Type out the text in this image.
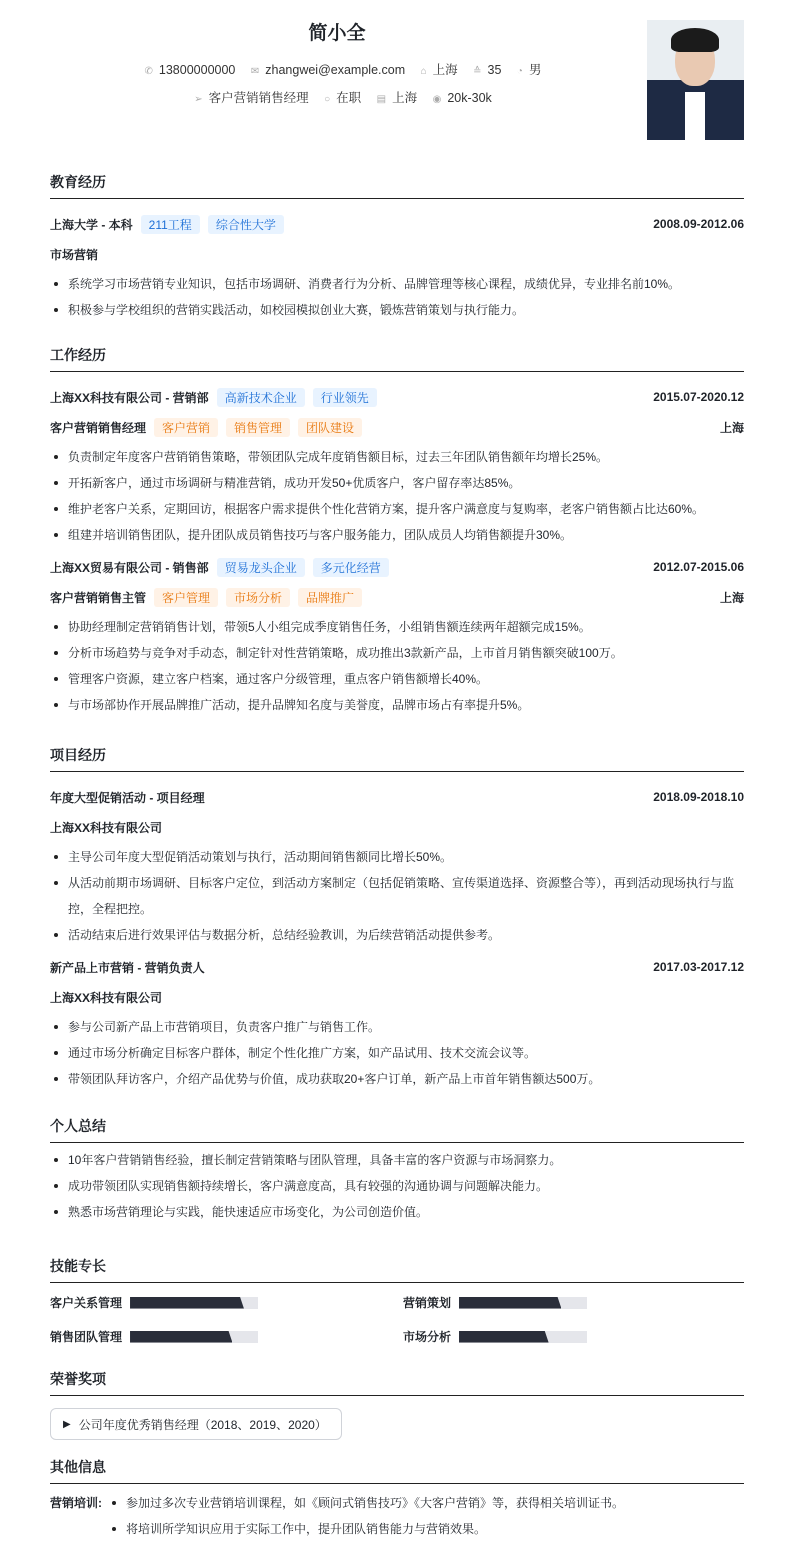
简小全
✆ 13800000000 ✉ zhangwei@example.com ⌂ 上海 ≙ 35 ◔ 男
➢ 客户营销销售经理 ○ 在职 ▤ 上海 ◉ 20k-30k
教育经历
上海大学 - 本科	211工程	综合性大学	2008.09-2012.06
市场营销
系统学习市场营销专业知识，包括市场调研、消费者行为分析、品牌管理等核心课程，成绩优异，专业排名前10%。
积极参与学校组织的营销实践活动，如校园模拟创业大赛，锻炼营销策划与执行能力。
工作经历
上海XX科技有限公司 - 营销部	高新技术企业	行业领先	2015.07-2020.12
客户营销销售经理	客户营销	销售管理	团队建设	上海
负责制定年度客户营销销售策略，带领团队完成年度销售额目标，过去三年团队销售额年均增长25%。
开拓新客户，通过市场调研与精准营销，成功开发50+优质客户，客户留存率达85%。
维护老客户关系，定期回访，根据客户需求提供个性化营销方案，提升客户满意度与复购率，老客户销售额占比达60%。
组建并培训销售团队，提升团队成员销售技巧与客户服务能力，团队成员人均销售额提升30%。
上海XX贸易有限公司 - 销售部	贸易龙头企业	多元化经营	2012.07-2015.06
客户营销销售主管	客户管理	市场分析	品牌推广	上海
协助经理制定营销销售计划，带领5人小组完成季度销售任务，小组销售额连续两年超额完成15%。
分析市场趋势与竞争对手动态，制定针对性营销策略，成功推出3款新产品，上市首月销售额突破100万。
管理客户资源，建立客户档案，通过客户分级管理，重点客户销售额增长40%。
与市场部协作开展品牌推广活动，提升品牌知名度与美誉度，品牌市场占有率提升5%。
项目经历
年度大型促销活动 - 项目经理	2018.09-2018.10
上海XX科技有限公司
主导公司年度大型促销活动策划与执行，活动期间销售额同比增长50%。
从活动前期市场调研、目标客户定位，到活动方案制定（包括促销策略、宣传渠道选择、资源整合等），再到活动现场执行与监控，全程把控。
活动结束后进行效果评估与数据分析，总结经验教训，为后续营销活动提供参考。
新产品上市营销 - 营销负责人	2017.03-2017.12
上海XX科技有限公司
参与公司新产品上市营销项目，负责客户推广与销售工作。
通过市场分析确定目标客户群体，制定个性化推广方案，如产品试用、技术交流会议等。
带领团队拜访客户，介绍产品优势与价值，成功获取20+客户订单，新产品上市首年销售额达500万。
个人总结
10年客户营销销售经验，擅长制定营销策略与团队管理，具备丰富的客户资源与市场洞察力。
成功带领团队实现销售额持续增长，客户满意度高，具有较强的沟通协调与问题解决能力。
熟悉市场营销理论与实践，能快速适应市场变化，为公司创造价值。
技能专长
客户关系管理	营销策划
销售团队管理	市场分析
荣誉奖项
▶ 公司年度优秀销售经理（2018、2019、2020）
其他信息
营销培训:	参加过多次专业营销培训课程，如《顾问式销售技巧》《大客户营销》等，获得相关培训证书。
将培训所学知识应用于实际工作中，提升团队销售能力与营销效果。
